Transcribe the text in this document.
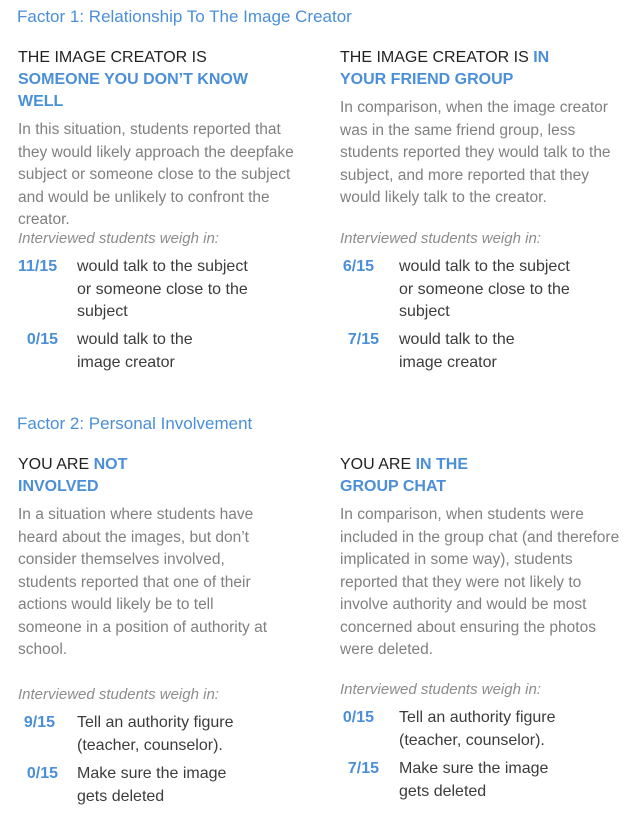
Factor 1: Relationship To The Image Creator
THE IMAGE CREATOR IS SOMEONE YOU DON’T KNOW WELL
In this situation, students reported that they would likely approach the deepfake subject or someone close to the subject and would be unlikely to confront the creator.
Interviewed students weigh in:
11/15	would talk to the subject or someone close to the subject
0/15	would talk to the image creator
THE IMAGE CREATOR IS IN YOUR FRIEND GROUP
In comparison, when the image creator was in the same friend group, less students reported they would talk to the subject, and more reported that they would likely talk to the creator.
Interviewed students weigh in:
6/15	would talk to the subject or someone close to the subject
7/15	would talk to the image creator
Factor 2: Personal Involvement
YOU ARE NOT INVOLVED
In a situation where students have heard about the images, but don’t consider themselves involved, students reported that one of their actions would likely be to tell someone in a position of authority at school.
Interviewed students weigh in:
9/15	Tell an authority figure (teacher, counselor).
0/15	Make sure the image gets deleted
YOU ARE IN THE GROUP CHAT
In comparison, when students were included in the group chat (and therefore implicated in some way), students reported that they were not likely to involve authority and would be most concerned about ensuring the photos were deleted.
Interviewed students weigh in:
0/15	Tell an authority figure (teacher, counselor).
7/15	Make sure the image gets deleted
